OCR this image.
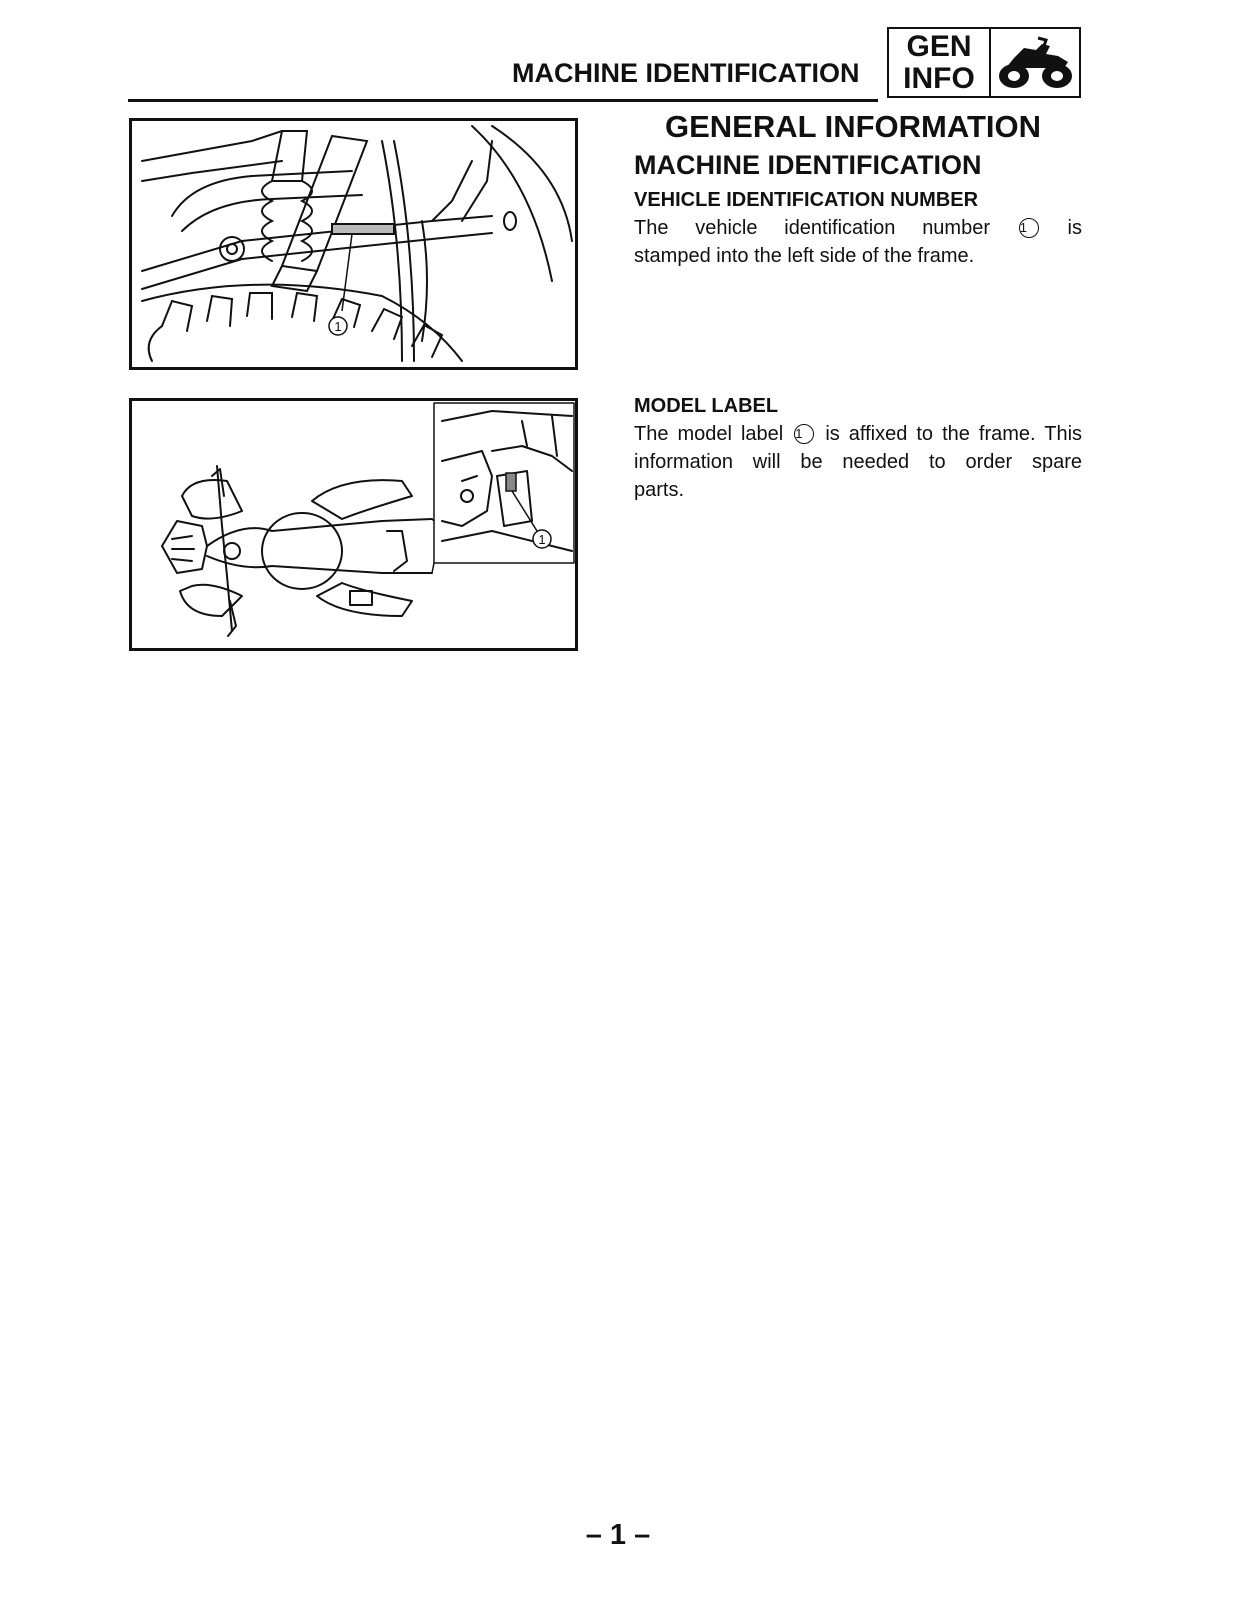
MACHINE IDENTIFICATION
GEN
INFO
1
1
GENERAL INFORMATION
MACHINE IDENTIFICATION
VEHICLE IDENTIFICATION NUMBER
The vehicle identification number 1 is
stamped into the left side of the frame.
MODEL LABEL
The model label 1 is affixed to the frame. This
information will be needed to order spare
parts.
– 1 –
